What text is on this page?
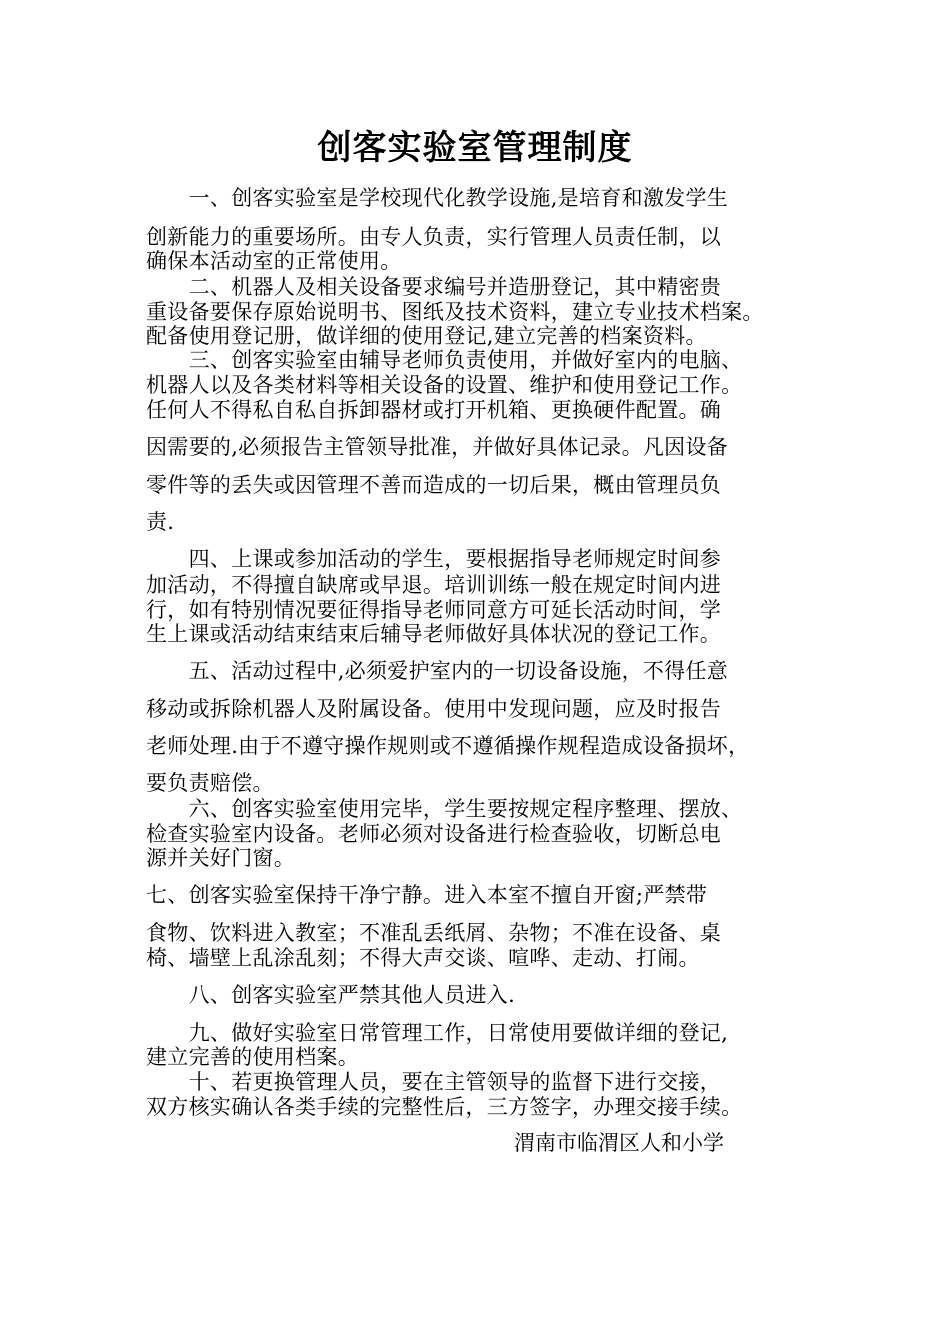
创客实验室管理制度
　　一、创客实验室是学校现代化教学设施,是培育和激发学生
创新能力的重要场所。由专人负责，实行管理人员责任制，以
确保本活动室的正常使用。
　　二、机器人及相关设备要求编号并造册登记，其中精密贵
重设备要保存原始说明书、图纸及技术资料，建立专业技术档案。
配备使用登记册，做详细的使用登记,建立完善的档案资料。
　　三、创客实验室由辅导老师负责使用，并做好室内的电脑、
机器人以及各类材料等相关设备的设置、维护和使用登记工作。
任何人不得私自私自拆卸器材或打开机箱、更换硬件配置。确
因需要的,必须报告主管领导批准，并做好具体记录。凡因设备
零件等的丢失或因管理不善而造成的一切后果，概由管理员负
责.
　　四、上课或参加活动的学生，要根据指导老师规定时间参
加活动，不得擅自缺席或早退。培训训练一般在规定时间内进
行，如有特别情况要征得指导老师同意方可延长活动时间，学
生上课或活动结束结束后辅导老师做好具体状况的登记工作。
　　五、活动过程中,必须爱护室内的一切设备设施，不得任意
移动或拆除机器人及附属设备。使用中发现问题，应及时报告
老师处理.由于不遵守操作规则或不遵循操作规程造成设备损坏，
要负责赔偿。
　　六、创客实验室使用完毕，学生要按规定程序整理、摆放、
检查实验室内设备。老师必须对设备进行检查验收，切断总电
源并关好门窗。
七、创客实验室保持干净宁静。进入本室不擅自开窗;严禁带
食物、饮料进入教室；不准乱丢纸屑、杂物；不准在设备、桌
椅、墙壁上乱涂乱刻；不得大声交谈、喧哗、走动、打闹。
　　八、创客实验室严禁其他人员进入.
　　九、做好实验室日常管理工作，日常使用要做详细的登记,
建立完善的使用档案。
　　十、若更换管理人员，要在主管领导的监督下进行交接，
双方核实确认各类手续的完整性后，三方签字，办理交接手续。
渭南市临渭区人和小学
